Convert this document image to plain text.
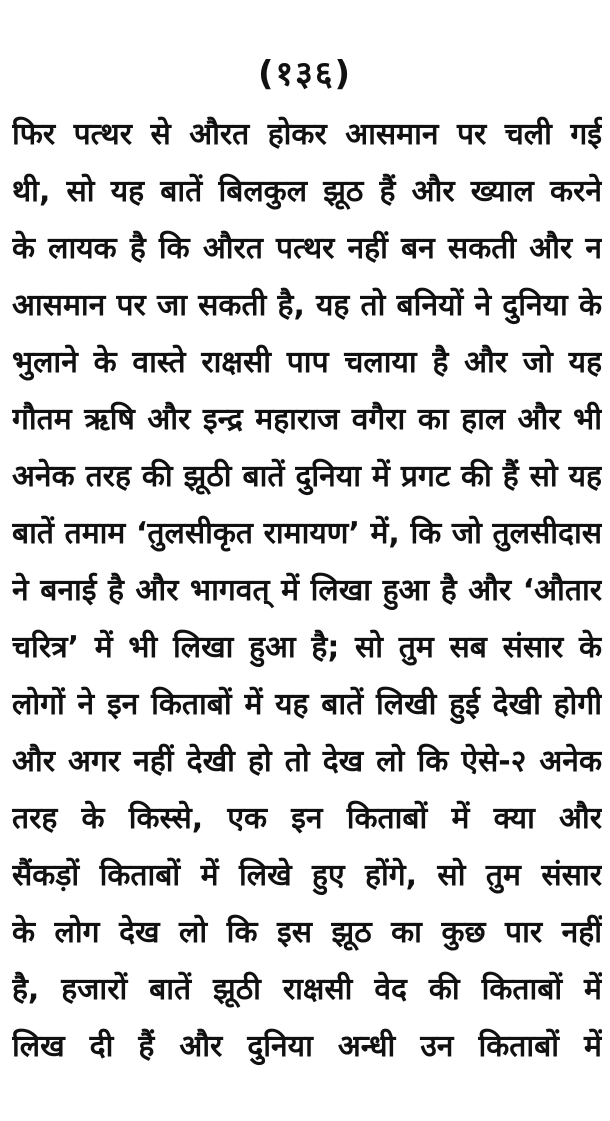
(१३६)
फिर पत्थर से औरत होकर आसमान पर चली गई
थी, सो यह बातें बिलकुल झूठ हैं और ख्याल करने
के लायक है कि औरत पत्थर नहीं बन सकती और न
आसमान पर जा सकती है, यह तो बनियों ने दुनिया के
भुलाने के वास्ते राक्षसी पाप चलाया है और जो यह
गौतम ऋषि और इन्द्र महाराज वगैरा का हाल और भी
अनेक तरह की झूठी बातें दुनिया में प्रगट की हैं सो यह
बातें तमाम ‘तुलसीकृत रामायण’ में, कि जो तुलसीदास
ने बनाई है और भागवत् में लिखा हुआ है और ‘औतार
चरित्र’ में भी लिखा हुआ है; सो तुम सब संसार के
लोगों ने इन किताबों में यह बातें लिखी हुई देखी होगी
और अगर नहीं देखी हो तो देख लो कि ऐसे-२ अनेक
तरह के किस्से, एक इन किताबों में क्या और
सैंकड़ों किताबों में लिखे हुए होंगे, सो तुम संसार
के लोग देख लो कि इस झूठ का कुछ पार नहीं
है, हजारों बातें झूठी राक्षसी वेद की किताबों में
लिख दी हैं और दुनिया अन्धी उन किताबों में
